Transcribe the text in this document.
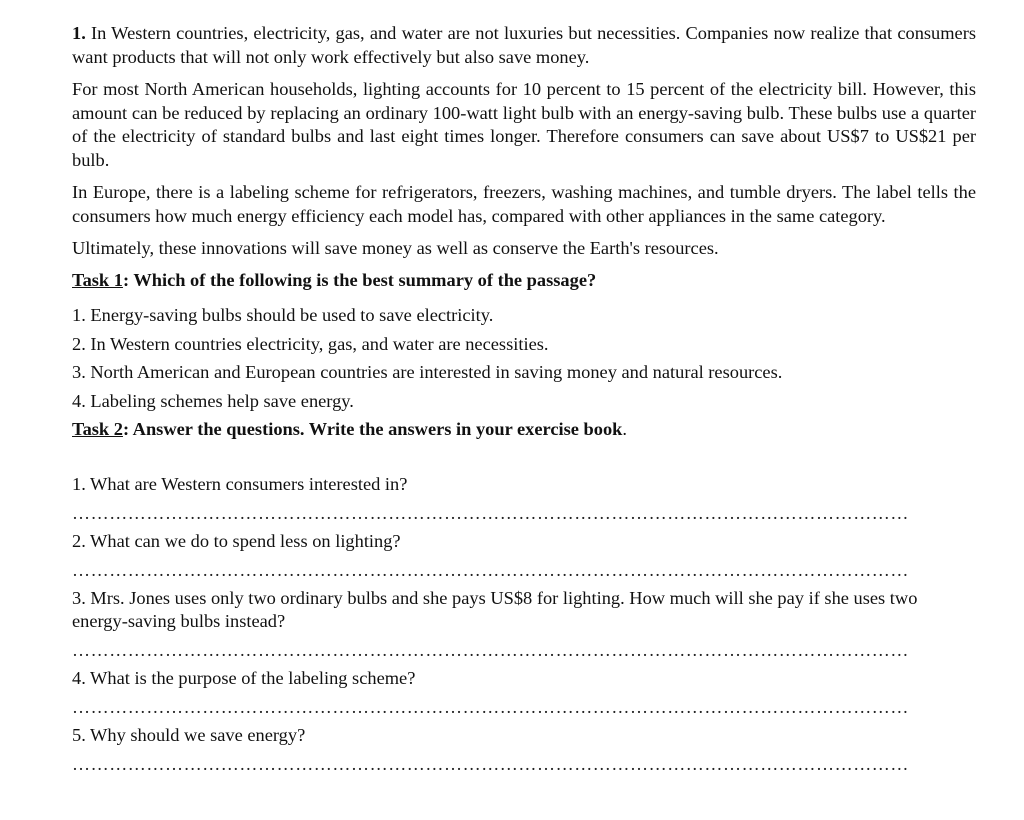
1. In Western countries, electricity, gas, and water are not luxuries but necessities. Companies now realize that consumers want products that will not only work effectively but also save money.

For most North American households, lighting accounts for 10 percent to 15 percent of the electricity bill. However, this amount can be reduced by replacing an ordinary 100-watt light bulb with an energy-saving bulb. These bulbs use a quarter of the electricity of standard bulbs and last eight times longer. Therefore consumers can save about US$7 to US$21 per bulb.

In Europe, there is a labeling scheme for refrigerators, freezers, washing machines, and tumble dryers. The label tells the consumers how much energy efficiency each model has, compared with other appliances in the same category.

Ultimately, these innovations will save money as well as conserve the Earth's resources.

Task 1: Which of the following is the best summary of the passage?

1. Energy-saving bulbs should be used to save electricity.

2. In Western countries electricity, gas, and water are necessities.

3. North American and European countries are interested in saving money and natural resources.

4. Labeling schemes help save energy.

Task 2: Answer the questions. Write the answers in your exercise book.

1. What are Western consumers interested in?

………………………………………………………………………………………………………………………

2. What can we do to spend less on lighting?

………………………………………………………………………………………………………………………

3. Mrs. Jones uses only two ordinary bulbs and she pays US$8 for lighting. How much will she pay if she uses two energy-saving bulbs instead?

………………………………………………………………………………………………………………………

4. What is the purpose of the labeling scheme?

………………………………………………………………………………………………………………………

5. Why should we save energy?

………………………………………………………………………………………………………………………
